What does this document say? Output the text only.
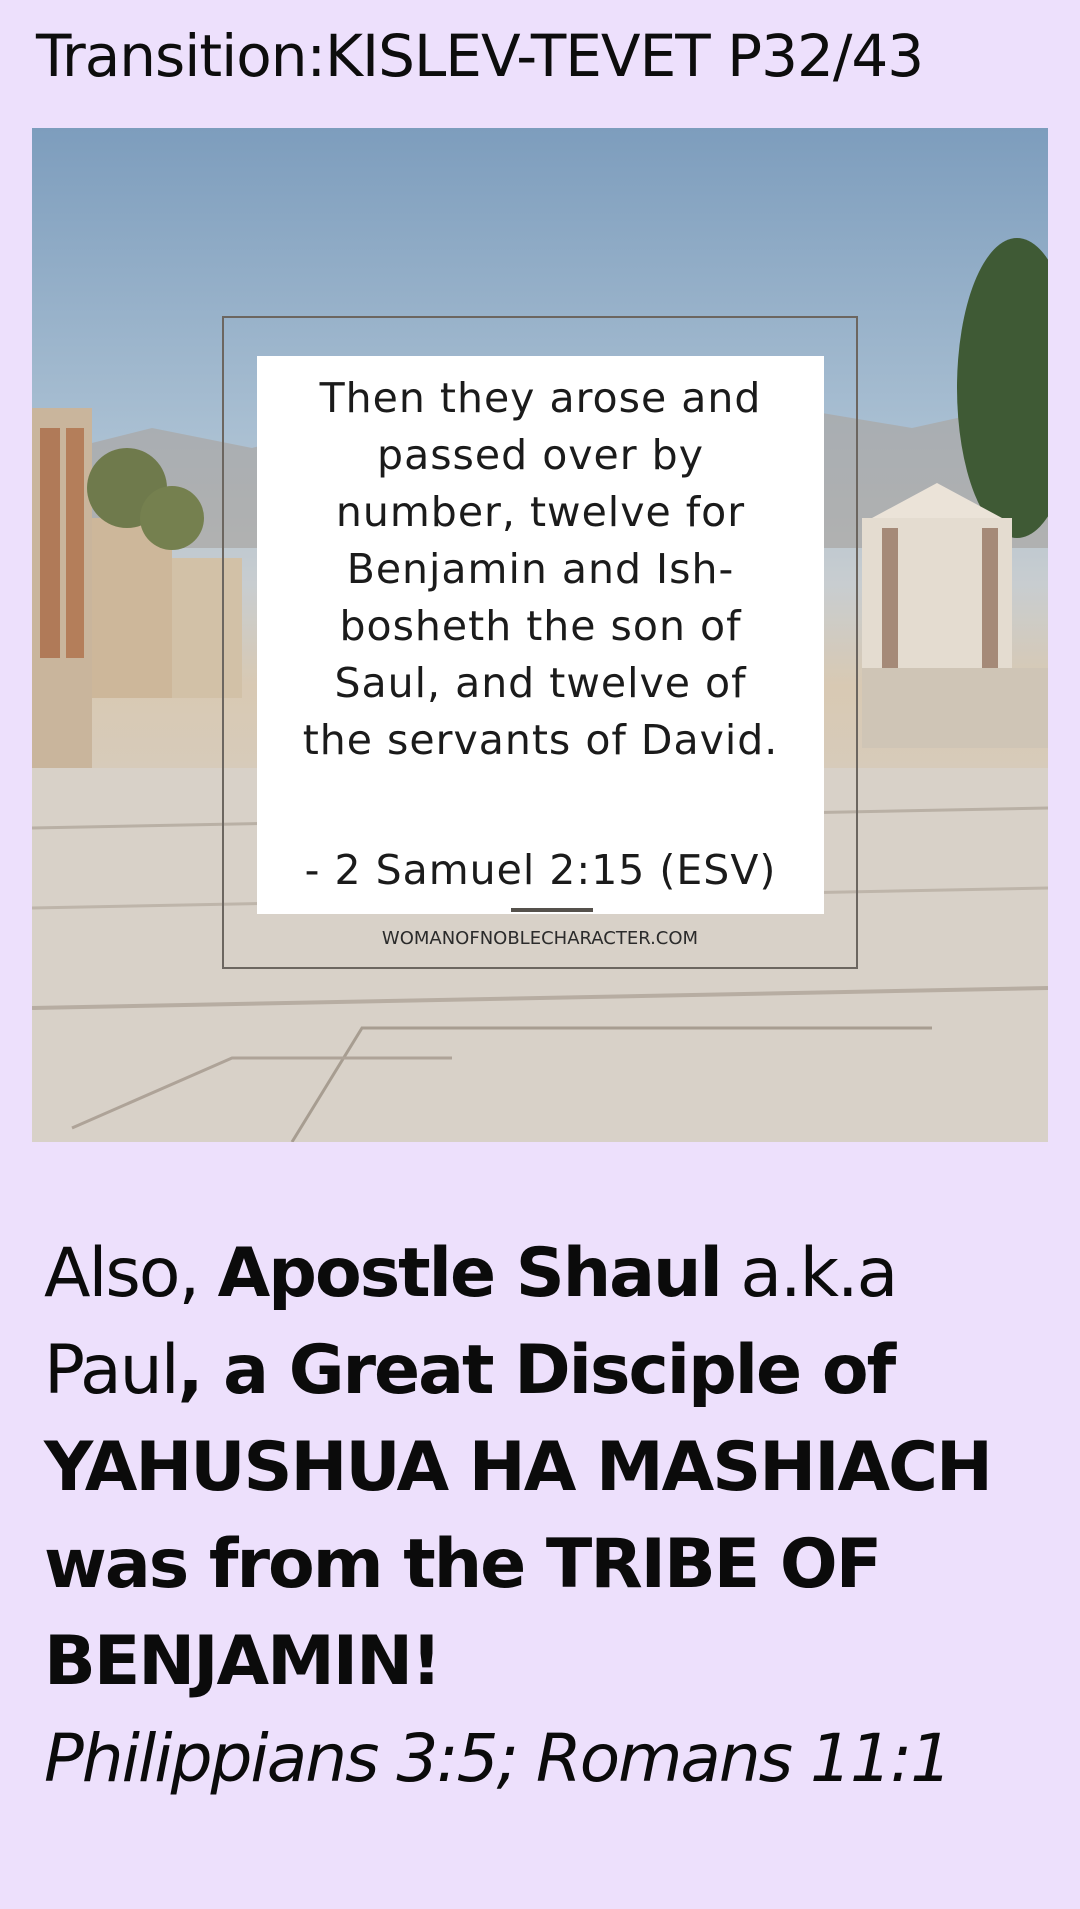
Transition:KISLEV-TEVET P32/43
Then they arose and
passed over by
number, twelve for
Benjamin and Ish-
bosheth the son of
Saul, and twelve of
the servants of David.
- 2 Samuel 2:15 (ESV)
WOMANOFNOBLECHARACTER.COM
Also, Apostle Shaul a.k.a Paul, a Great Disciple of YAHUSHUA HA MASHIACH was from the TRIBE OF BENJAMIN!
Philippians 3:5; Romans 11:1
